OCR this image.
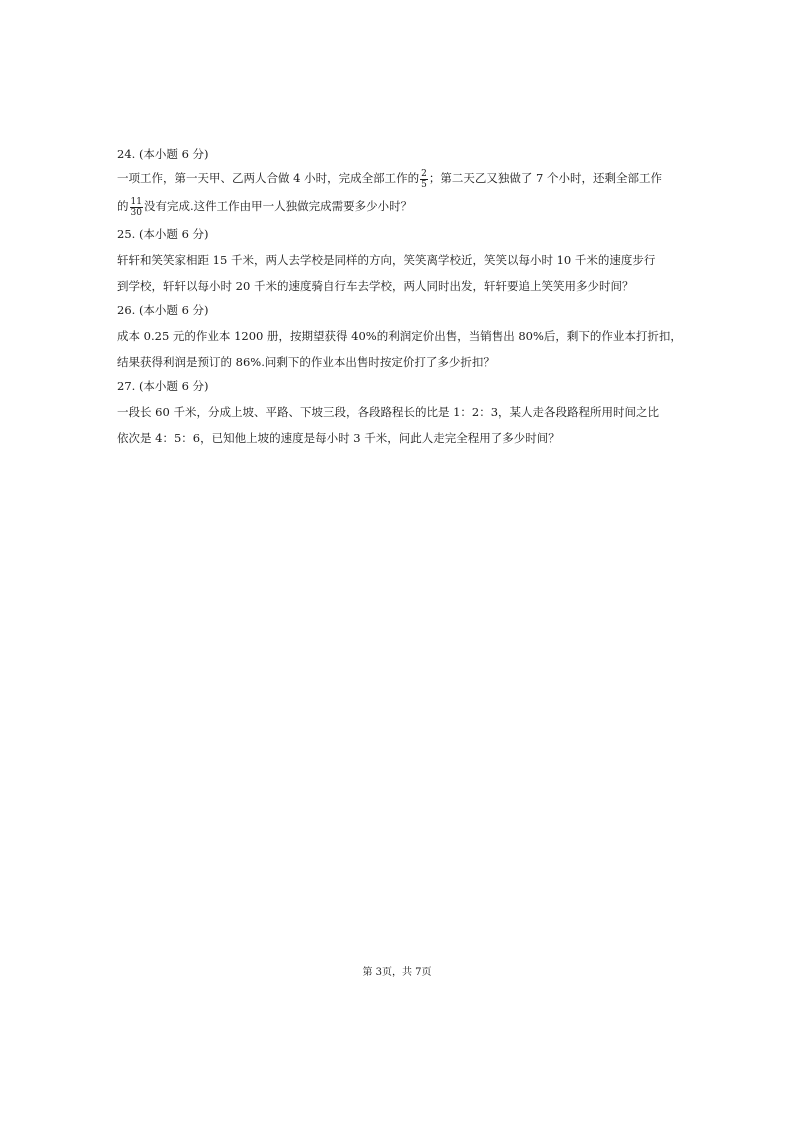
24. (本小题 6 分)
一项工作，第一天甲、乙两人合做 4 小时，完成全部工作的 $\frac{2}{5}$ ；第二天乙又独做了 7 个小时，还剩全部工作
的 $\frac{11}{30}$ 没有完成.这件工作由甲一人独做完成需要多少小时？
25. (本小题 6 分)
轩轩和笑笑家相距 15 千米，两人去学校是同样的方向，笑笑离学校近，笑笑以每小时 10 千米的速度步行
到学校，轩轩以每小时 20 千米的速度骑自行车去学校，两人同时出发，轩轩要追上笑笑用多少时间？
26. (本小题 6 分)
成本 0.25 元的作业本 1200 册，按期望获得 40%的利润定价出售，当销售出 80%后，剩下的作业本打折扣，
结果获得利润是预订的 86%.问剩下的作业本出售时按定价打了多少折扣？
27. (本小题 6 分)
一段长 60 千米，分成上坡、平路、下坡三段，各段路程长的比是 1：2：3，某人走各段路程所用时间之比
依次是 4：5：6，已知他上坡的速度是每小时 3 千米，问此人走完全程用了多少时间？
第 3页，共 7页
